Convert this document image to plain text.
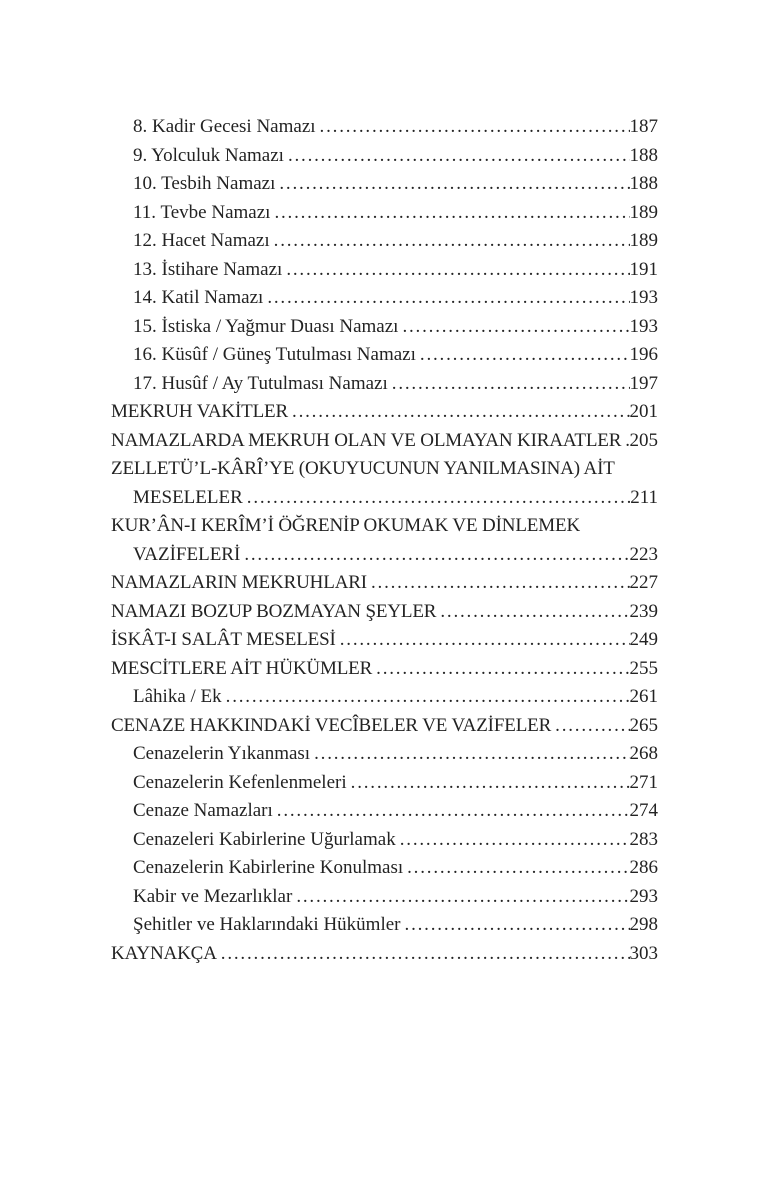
8. Kadir Gecesi Namazı .....	187
9. Yolculuk Namazı .....	188
10. Tesbih Namazı .....	188
11. Tevbe Namazı .....	189
12. Hacet Namazı .....	189
13. İstihare Namazı .....	191
14. Katil Namazı .....	193
15. İstiska / Yağmur Duası Namazı .....	193
16. Küsûf / Güneş Tutulması Namazı .....	196
17. Husûf / Ay Tutulması Namazı .....	197
MEKRUH VAKİTLER .....	201
NAMAZLARDA MEKRUH OLAN VE OLMAYAN KIRAATLER ..... 205
ZELLETÜ’L-KÂRÎ’YE (OKUYUCUNUN YANILMASINA) AİT
MESELELER .....	211
KUR’ÂN-I KERÎM’İ ÖĞRENİP OKUMAK VE DİNLEMEK
VAZİFELERİ .....	223
NAMAZLARIN MEKRUHLARI .....	227
NAMAZI BOZUP BOZMAYAN ŞEYLER .....	239
İSKÂT-I SALÂT MESELESİ .....	249
MESCİTLERE AİT HÜKÜMLER .....	255
Lâhika / Ek .....	261
CENAZE HAKKINDAKİ VECÎBELER VE VAZİFELER .....	265
Cenazelerin Yıkanması .....	268
Cenazelerin Kefenlenmeleri .....	271
Cenaze Namazları .....	274
Cenazeleri Kabirlerine Uğurlamak .....	283
Cenazelerin Kabirlerine Konulması .....	286
Kabir ve Mezarlıklar .....	293
Şehitler ve Haklarındaki Hükümler .....	298
KAYNAKÇA .....	303
